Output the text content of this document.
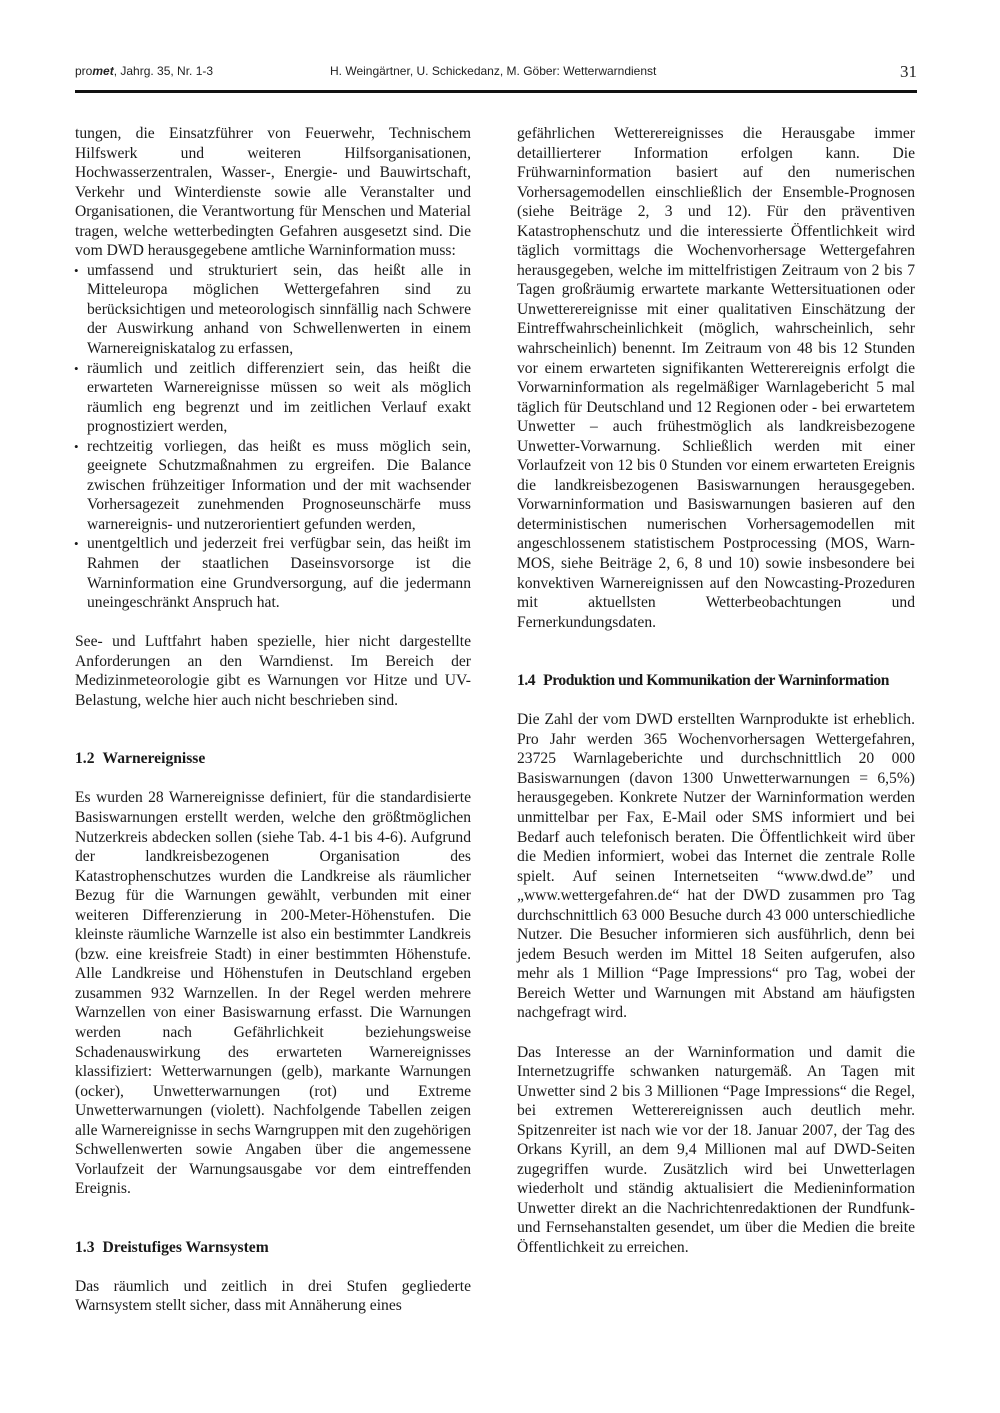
promet, Jahrg. 35, Nr. 1-3	H. Weingärtner, U. Schickedanz, M. Göber: Wetterwarndienst	31

tungen, die Einsatzführer von Feuerwehr, Technischem Hilfswerk und weiteren Hilfsorganisationen, Hochwasserzentralen, Wasser-, Energie- und Bauwirtschaft, Verkehr und Winterdienste sowie alle Veranstalter und Organisationen, die Verantwortung für Menschen und Material tragen, welche wetterbedingten Gefahren ausgesetzt sind. Die vom DWD herausgegebene amtliche Warninformation muss:

• umfassend und strukturiert sein, das heißt alle in Mitteleuropa möglichen Wettergefahren sind zu berücksichtigen und meteorologisch sinnfällig nach Schwere der Auswirkung anhand von Schwellenwerten in einem Warnereigniskatalog zu erfassen,
• räumlich und zeitlich differenziert sein, das heißt die erwarteten Warnereignisse müssen so weit als möglich räumlich eng begrenzt und im zeitlichen Verlauf exakt prognostiziert werden,
• rechtzeitig vorliegen, das heißt es muss möglich sein, geeignete Schutzmaßnahmen zu ergreifen. Die Balance zwischen frühzeitiger Information und der mit wachsender Vorhersagezeit zunehmenden Prognoseunschärfe muss warnereignis- und nutzerorientiert gefunden werden,
• unentgeltlich und jederzeit frei verfügbar sein, das heißt im Rahmen der staatlichen Daseinsvorsorge ist die Warninformation eine Grundversorgung, auf die jedermann uneingeschränkt Anspruch hat.

See- und Luftfahrt haben spezielle, hier nicht dargestellte Anforderungen an den Warndienst. Im Bereich der Medizinmeteorologie gibt es Warnungen vor Hitze und UV-Belastung, welche hier auch nicht beschrieben sind.

1.2 Warnereignisse

Es wurden 28 Warnereignisse definiert, für die standardisierte Basiswarnungen erstellt werden, welche den größtmöglichen Nutzerkreis abdecken sollen (siehe Tab. 4-1 bis 4-6). Aufgrund der landkreisbezogenen Organisation des Katastrophenschutzes wurden die Landkreise als räumlicher Bezug für die Warnungen gewählt, verbunden mit einer weiteren Differenzierung in 200-Meter-Höhenstufen. Die kleinste räumliche Warnzelle ist also ein bestimmter Landkreis (bzw. eine kreisfreie Stadt) in einer bestimmten Höhenstufe. Alle Landkreise und Höhenstufen in Deutschland ergeben zusammen 932 Warnzellen. In der Regel werden mehrere Warnzellen von einer Basiswarnung erfasst. Die Warnungen werden nach Gefährlichkeit beziehungsweise Schadenauswirkung des erwarteten Warnereignisses klassifiziert: Wetterwarnungen (gelb), markante Warnungen (ocker), Unwetterwarnungen (rot) und Extreme Unwetterwarnungen (violett). Nachfolgende Tabellen zeigen alle Warnereignisse in sechs Warngruppen mit den zugehörigen Schwellenwerten sowie Angaben über die angemessene Vorlaufzeit der Warnungsausgabe vor dem eintreffenden Ereignis.

1.3 Dreistufiges Warnsystem

Das räumlich und zeitlich in drei Stufen gegliederte Warnsystem stellt sicher, dass mit Annäherung eines

gefährlichen Wetterereignisses die Herausgabe immer detaillierterer Information erfolgen kann. Die Frühwarninformation basiert auf den numerischen Vorhersagemodellen einschließlich der Ensemble-Prognosen (siehe Beiträge 2, 3 und 12). Für den präventiven Katastrophenschutz und die interessierte Öffentlichkeit wird täglich vormittags die Wochenvorhersage Wettergefahren herausgegeben, welche im mittelfristigen Zeitraum von 2 bis 7 Tagen großräumig erwartete markante Wettersituationen oder Unwetterereignisse mit einer qualitativen Einschätzung der Eintreffwahrscheinlichkeit (möglich, wahrscheinlich, sehr wahrscheinlich) benennt. Im Zeitraum von 48 bis 12 Stunden vor einem erwarteten signifikanten Wetterereignis erfolgt die Vorwarninformation als regelmäßiger Warnlagebericht 5 mal täglich für Deutschland und 12 Regionen oder - bei erwartetem Unwetter – auch frühestmöglich als landkreisbezogene Unwetter-Vorwarnung. Schließlich werden mit einer Vorlaufzeit von 12 bis 0 Stunden vor einem erwarteten Ereignis die landkreisbezogenen Basiswarnungen herausgegeben. Vorwarninformation und Basiswarnungen basieren auf den deterministischen numerischen Vorhersagemodellen mit angeschlossenem statistischem Postprocessing (MOS, Warn-MOS, siehe Beiträge 2, 6, 8 und 10) sowie insbesondere bei konvektiven Warnereignissen auf den Nowcasting-Prozeduren mit aktuellsten Wetterbeobachtungen und Fernerkundungsdaten.

1.4 Produktion und Kommunikation der Warninformation

Die Zahl der vom DWD erstellten Warnprodukte ist erheblich. Pro Jahr werden 365 Wochenvorhersagen Wettergefahren, 23725 Warnlageberichte und durchschnittlich 20 000 Basiswarnungen (davon 1300 Unwetterwarnungen = 6,5%) herausgegeben. Konkrete Nutzer der Warninformation werden unmittelbar per Fax, E-Mail oder SMS informiert und bei Bedarf auch telefonisch beraten. Die Öffentlichkeit wird über die Medien informiert, wobei das Internet die zentrale Rolle spielt. Auf seinen Internetseiten “www.dwd.de” und „www.wettergefahren.de“ hat der DWD zusammen pro Tag durchschnittlich 63 000 Besuche durch 43 000 unterschiedliche Nutzer. Die Besucher informieren sich ausführlich, denn bei jedem Besuch werden im Mittel 18 Seiten aufgerufen, also mehr als 1 Million “Page Impressions“ pro Tag, wobei der Bereich Wetter und Warnungen mit Abstand am häufigsten nachgefragt wird.

Das Interesse an der Warninformation und damit die Internetzugriffe schwanken naturgemäß. An Tagen mit Unwetter sind 2 bis 3 Millionen “Page Impressions“ die Regel, bei extremen Wetterereignissen auch deutlich mehr. Spitzenreiter ist nach wie vor der 18. Januar 2007, der Tag des Orkans Kyrill, an dem 9,4 Millionen mal auf DWD-Seiten zugegriffen wurde. Zusätzlich wird bei Unwetterlagen wiederholt und ständig aktualisiert die Medieninformation Unwetter direkt an die Nachrichtenredaktionen der Rundfunk- und Fernsehanstalten gesendet, um über die Medien die breite Öffentlichkeit zu erreichen.
